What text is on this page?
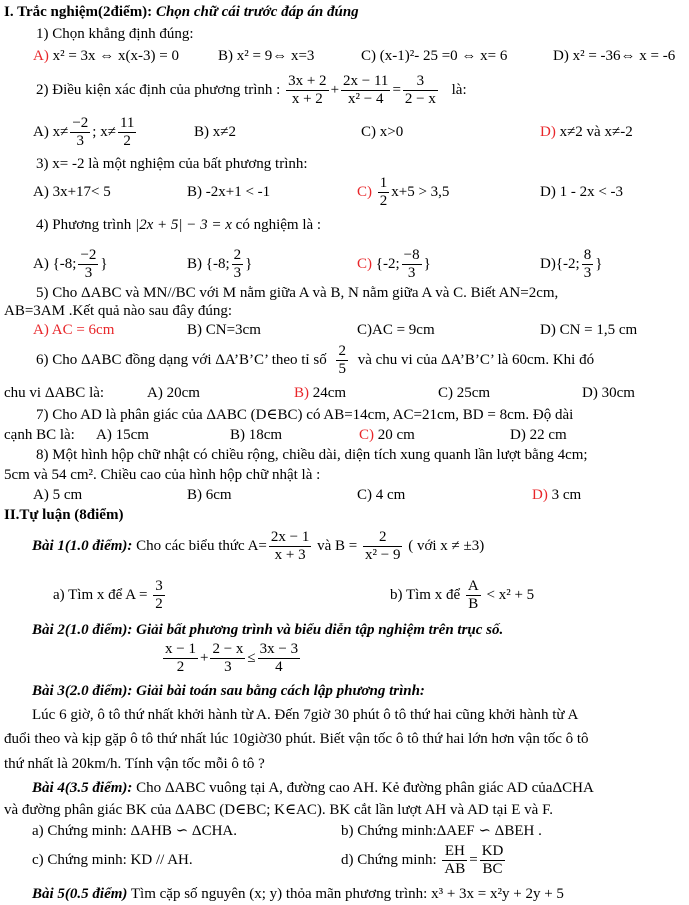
I. Trắc nghiệm(2điểm): Chọn chữ cái trước đáp án đúng
1) Chọn khẳng định đúng:
A) x² = 3x ⇔ x(x-3) = 0	B) x² = 9⇔ x=3	C) (x-1)²- 25 =0 ⇔ x= 6	D) x² = -36⇔ x = -6
2) Điều kiện xác định của phương trình : $\frac{3x + 2}{x + 2} + \frac{2x - 11}{\text{x² − 4}} = \frac{3}{2 - x}$ là:
A) $x\ne \frac{-2}{3}$ ; $x\ne \frac{11}{2}$	B) x≠2	C) x>0	D) x≠2 và x≠-2
3) x= -2 là một nghiệm của bất phương trình:
A) 3x+17< 5	B) -2x+1 < -1	$C) \frac{1}{2} x+5 > 3,5$	D) 1 - 2x < -3
4) Phương trình |2x + 5| − 3 = x có nghiệm là :
A) {-8; $\frac{-2}{3}$ }	B) {-8; $\frac{2}{3}$ }	C) {-2; $\frac{-8}{3}$ }	D){-2; $\frac{8}{3}$ }
5) Cho ΔABC và MN//BC với M nằm giữa A và B, N nằm giữa A và C. Biết AN=2cm,
AB=3AM .Kết quả nào sau đây đúng:
A) AC = 6cm	B) CN=3cm	C)AC = 9cm	D) CN = 1,5 cm
6) Cho ΔABC đồng dạng với ΔA’B’C’ theo tỉ số $\frac{2}{5}$ và chu vi của ΔA’B’C’ là 60cm. Khi đó
chu vi ΔABC là:	A) 20cm	B) 24cm	C) 25cm	D) 30cm
7) Cho AD là phân giác của ΔABC (D∈BC) có AB=14cm, AC=21cm, BD = 8cm. Độ dài
cạnh BC là: A) 15cm	B) 18cm	C) 20 cm	D) 22 cm
8) Một hình hộp chữ nhật có chiều rộng, chiều dài, diện tích xung quanh lần lượt bằng 4cm;
5cm và 54 cm². Chiều cao của hình hộp chữ nhật là :
A) 5 cm	B) 6cm	C) 4 cm	D) 3 cm
II.Tự luận (8điểm)
Bài 1(1.0 điểm): Cho các biểu thức $A= \frac{2x - 1}{x + 3}$ và $B = \frac{2}{\text{x² − 9}}$ ( với x ≠ ±3)
a) Tìm x để $A = \frac{3}{2}$	b) Tìm x để $\frac{A}{B} < x^2 + 5$
Bài 2(1.0 điểm): Giải bất phương trình và biểu diễn tập nghiệm trên trục số.
$\frac{x - 1}{2} + \frac{2 - x}{3} \le \frac{3x - 3}{4}$
Bài 3(2.0 điểm): Giải bài toán sau bằng cách lập phương trình:
Lúc 6 giờ, ô tô thứ nhất khởi hành từ A. Đến 7giờ 30 phút ô tô thứ hai cũng khởi hành từ A
đuổi theo và kịp gặp ô tô thứ nhất lúc 10giờ30 phút. Biết vận tốc ô tô thứ hai lớn hơn vận tốc ô tô
thứ nhất là 20km/h. Tính vận tốc mỗi ô tô ?
Bài 4(3.5 điểm): Cho ΔABC vuông tại A, đường cao AH. Kẻ đường phân giác AD củaΔCHA
và đường phân giác BK của ΔABC (D∈BC; K∈AC). BK cắt lần lượt AH và AD tại E và F.
a) Chứng minh: ΔAHB ∽ ΔCHA.	b) Chứng minh:ΔAEF ∽ ΔBEH .
c) Chứng minh: KD // AH.	d) Chứng minh: $\frac{EH}{AB} = \frac{KD}{BC}$
Bài 5(0.5 điểm) Tìm cặp số nguyên (x; y) thỏa mãn phương trình: x³ + 3x = x²y + 2y + 5
